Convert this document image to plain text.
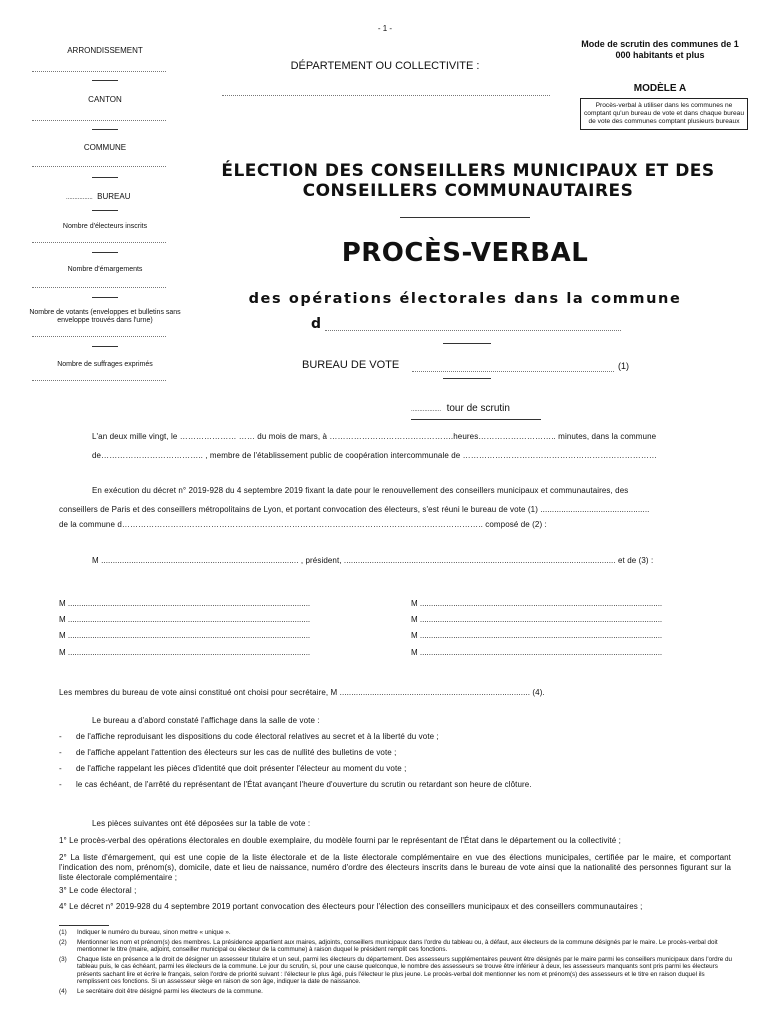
- 1 -
ARRONDISSEMENT
CANTON
COMMUNE
................ BUREAU
Nombre d'électeurs inscrits
Nombre d'émargements
Nombre de votants (enveloppes et bulletins sans enveloppe trouvés dans l'urne)
Nombre de suffrages exprimés
DÉPARTEMENT OU COLLECTIVITE :
Mode de scrutin des communes de 1 000 habitants et plus
MODÈLE A
Procès-verbal à utiliser dans les communes ne comptant qu'un bureau de vote et dans chaque bureau de vote des communes comptant plusieurs bureaux
ÉLECTION DES CONSEILLERS MUNICIPAUX ET DES CONSEILLERS COMMUNAUTAIRES
PROCÈS-VERBAL
des opérations électorales dans la commune
d
BUREAU DE VOTE	(1)
.................. tour de scrutin
L'an deux mille vingt, le ………………… …… du mois de mars, à ……………………………………….heures……………………….. minutes, dans la commune
de……………………………….. , membre de l'établissement public de coopération intercommunale de ………………………………………………………………
En exécution du décret n° 2019-928 du 4 septembre 2019 fixant la date pour le renouvellement des conseillers municipaux et communautaires, des
conseillers de Paris et des conseillers métropolitains de Lyon, et portant convocation des électeurs, s'est réuni le bureau de vote (1) ...............................................
de la commune d…………………………………………………………………………………………………………………….. composé de (2) :
M ..................................................................................... , président, ..................................................................................................................... et de (3) :
M .............................................................................................................	M .............................................................................................................
M .............................................................................................................	M .............................................................................................................
M .............................................................................................................	M .............................................................................................................
M .............................................................................................................	M .............................................................................................................
Les membres du bureau de vote ainsi constitué ont choisi pour secrétaire, M .................................................................................. (4).
Le bureau a d'abord constaté l'affichage dans la salle de vote :
- de l'affiche reproduisant les dispositions du code électoral relatives au secret et à la liberté du vote ;
- de l'affiche appelant l'attention des électeurs sur les cas de nullité des bulletins de vote ;
- de l'affiche rappelant les pièces d'identité que doit présenter l'électeur au moment du vote ;
- le cas échéant, de l'arrêté du représentant de l'État avançant l'heure d'ouverture du scrutin ou retardant son heure de clôture.
Les pièces suivantes ont été déposées sur la table de vote :
1° Le procès-verbal des opérations électorales en double exemplaire, du modèle fourni par le représentant de l'État dans le département ou la collectivité ;
2° La liste d'émargement, qui est une copie de la liste électorale et de la liste électorale complémentaire en vue des élections municipales, certifiée par le maire, et comportant l'indication des nom, prénom(s), domicile, date et lieu de naissance, numéro d'ordre des électeurs inscrits dans le bureau de vote ainsi que la nationalité des personnes figurant sur la liste électorale complémentaire ;
3° Le code électoral ;
4° Le décret n° 2019-928 du 4 septembre 2019 portant convocation des électeurs pour l'élection des conseillers municipaux et des conseillers communautaires ;
(1)	Indiquer le numéro du bureau, sinon mettre « unique ».
(2)	Mentionner les nom et prénom(s) des membres. La présidence appartient aux maires, adjoints, conseillers municipaux dans l'ordre du tableau ou, à défaut, aux électeurs de la commune désignés par le maire. Le procès-verbal doit mentionner le titre (maire, adjoint, conseiller municipal ou électeur de la commune) à raison duquel le président remplit ces fonctions.
(3)	Chaque liste en présence a le droit de désigner un assesseur titulaire et un seul, parmi les électeurs du département. Des assesseurs supplémentaires peuvent être désignés par le maire parmi les conseillers municipaux dans l'ordre du tableau puis, le cas échéant, parmi les électeurs de la commune. Le jour du scrutin, si, pour une cause quelconque, le nombre des assesseurs se trouve être inférieur à deux, les assesseurs manquants sont pris parmi les électeurs présents sachant lire et écrire le français, selon l'ordre de priorité suivant : l'électeur le plus âgé, puis l'électeur le plus jeune. Le procès-verbal doit mentionner les nom et prénom(s) des assesseurs et le titre en raison duquel ils remplissent ces fonctions. Si un assesseur siège en raison de son âge, indiquer la date de naissance.
(4)	Le secrétaire doit être désigné parmi les électeurs de la commune.
